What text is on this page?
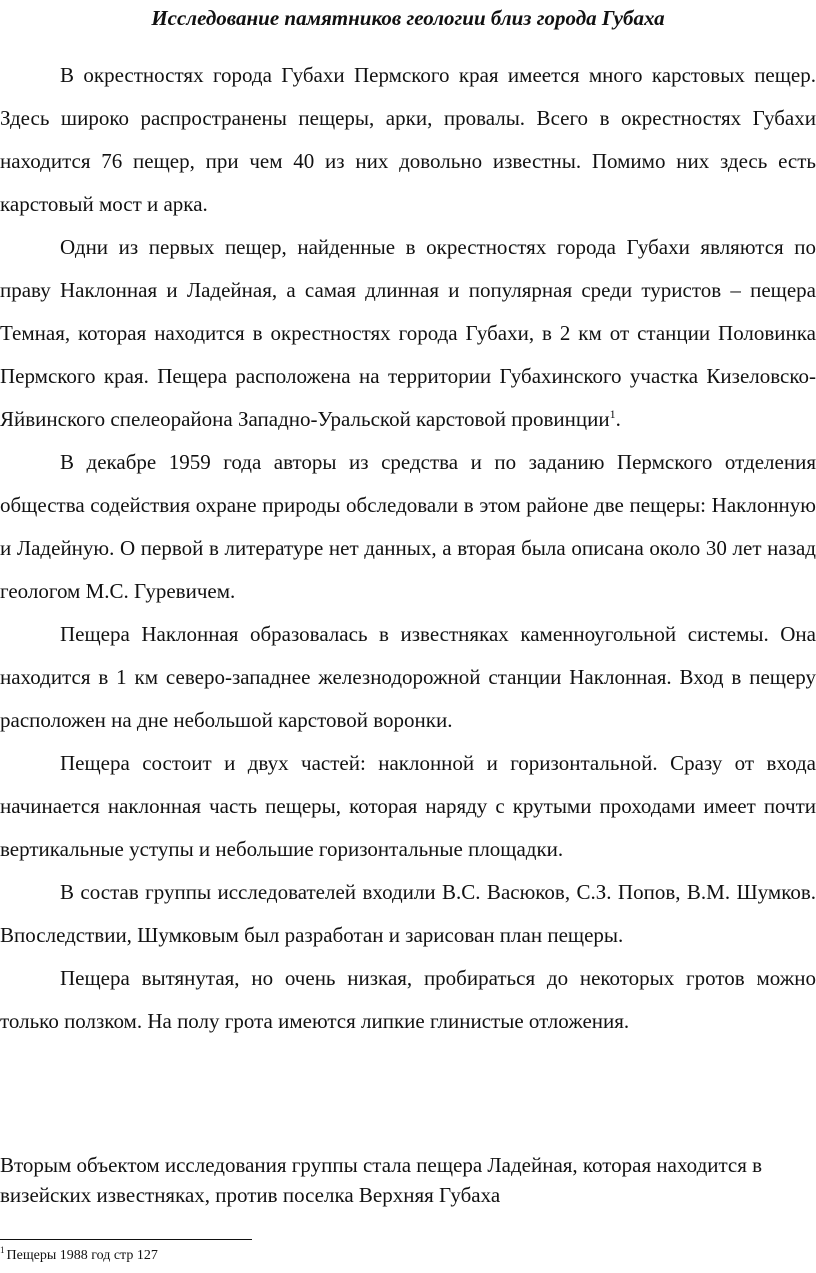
Исследование памятников геологии близ города Губаха

В окрестностях города Губахи Пермского края имеется много карстовых пещер. Здесь широко распространены пещеры, арки, провалы. Всего в окрестностях Губахи находится 76 пещер, при чем 40 из них довольно известны. Помимо них здесь есть карстовый мост и арка.

Одни из первых пещер, найденные в окрестностях города Губахи являются по праву Наклонная и Ладейная, а самая длинная и популярная среди туристов – пещера Темная, которая находится в окрестностях города Губахи, в 2 км от станции Половинка Пермского края. Пещера расположена на территории Губахинского участка Кизеловско-Яйвинского спелеорайона Западно-Уральской карстовой провинции$^1$.

В декабре 1959 года авторы из средства и по заданию Пермского отделения общества содействия охране природы обследовали в этом районе две пещеры: Наклонную и Ладейную. О первой в литературе нет данных, а вторая была описана около 30 лет назад геологом М.С. Гуревичем.

Пещера Наклонная образовалась в известняках каменноугольной системы. Она находится в 1 км северо-западнее железнодорожной станции Наклонная. Вход в пещеру расположен на дне небольшой карстовой воронки.

Пещера состоит и двух частей: наклонной и горизонтальной. Сразу от входа начинается наклонная часть пещеры, которая наряду с крутыми проходами имеет почти вертикальные уступы и небольшие горизонтальные площадки.

В состав группы исследователей входили В.С. Васюков, С.З. Попов, В.М. Шумков. Впоследствии, Шумковым был разработан и зарисован план пещеры.

Пещера вытянутая, но очень низкая, пробираться до некоторых гротов можно только ползком. На полу грота имеются липкие глинистые отложения.

Вторым объектом исследования группы стала пещера Ладейная, которая находится в визейских известняках, против поселка Верхняя Губаха

$^1$ Пещеры 1988 год стр 127
